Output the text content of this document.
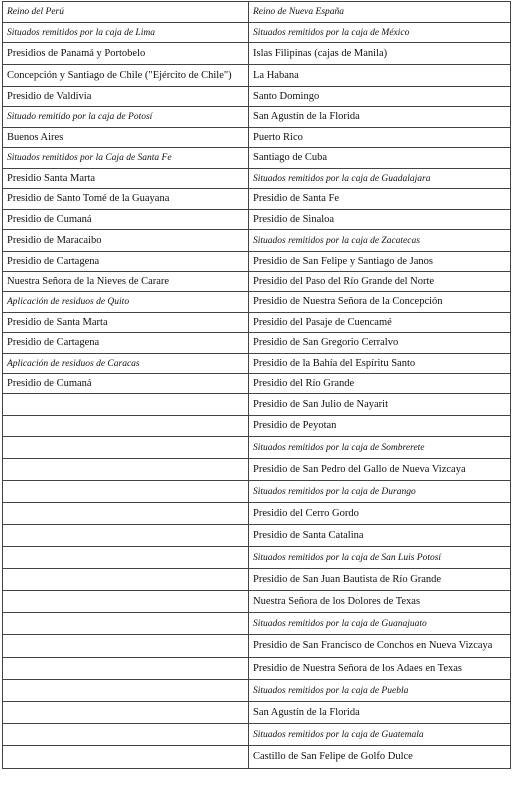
Reino del Perú	Reino de Nueva España
Situados remitidos por la caja de Lima	Situados remitidos por la caja de México
Presidios de Panamá y Portobelo	Islas Filipinas (cajas de Manila)
Concepción y Santiago de Chile ("Ejército de Chile")	La Habana
Presidio de Valdivia	Santo Domingo
Situado remitido por la caja de Potosí	San Agustín de la Florida
Buenos Aires	Puerto Rico
Situados remitidos por la Caja de Santa Fe	Santiago de Cuba
Presidio Santa Marta	Situados remitidos por la caja de Guadalajara
Presidio de Santo Tomé de la Guayana	Presidio de Santa Fe
Presidio de Cumaná	Presidio de Sinaloa
Presidio de Maracaibo	Situados remitidos por la caja de Zacatecas
Presidio de Cartagena	Presidio de San Felipe y Santiago de Janos
Nuestra Señora de la Nieves de Carare	Presidio del Paso del Río Grande del Norte
Aplicación de residuos de Quito	Presidio de Nuestra Señora de la Concepción
Presidio de Santa Marta	Presidio del Pasaje de Cuencamé
Presidio de Cartagena	Presidio de San Gregorio Cerralvo
Aplicación de residuos de Caracas	Presidio de la Bahía del Espíritu Santo
Presidio de Cumaná	Presidio del Río Grande
	Presidio de San Julio de Nayarit
	Presidio de Peyotan
	Situados remitidos por la caja de Sombrerete
	Presidio de San Pedro del Gallo de Nueva Vizcaya
	Situados remitidos por la caja de Durango
	Presidio del Cerro Gordo
	Presidio de Santa Catalina
	Situados remitidos por la caja de San Luis Potosí
	Presidio de San Juan Bautista de Río Grande
	Nuestra Señora de los Dolores de Texas
	Situados remitidos por la caja de Guanajuato
	Presidio de San Francisco de Conchos en Nueva Vizcaya
	Presidio de Nuestra Señora de los Adaes en Texas
	Situados remitidos por la caja de Puebla
	San Agustín de la Florida
	Situados remitidos por la caja de Guatemala
	Castillo de San Felipe de Golfo Dulce
